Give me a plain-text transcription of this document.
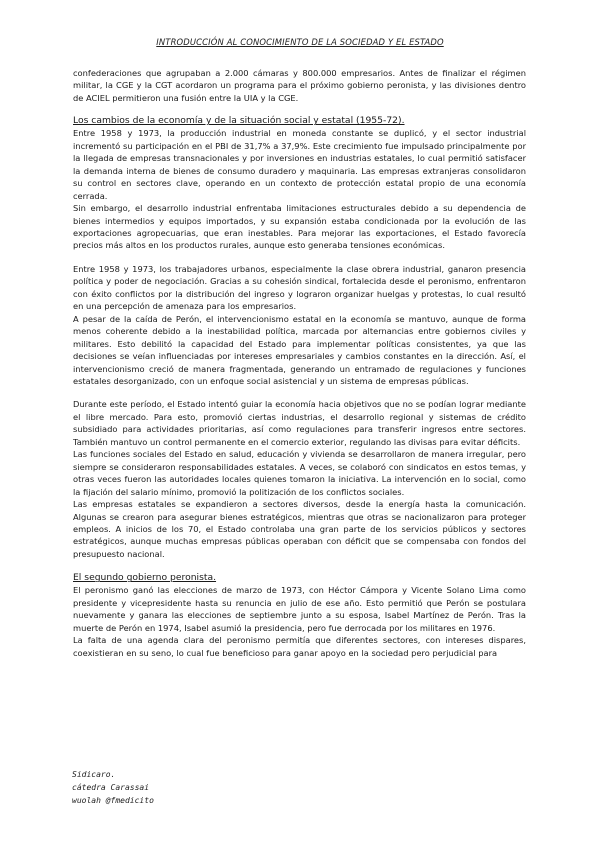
INTRODUCCIÓN AL CONOCIMIENTO DE LA SOCIEDAD Y EL ESTADO

confederaciones que agrupaban a 2.000 cámaras y 800.000 empresarios. Antes de finalizar el régimen militar, la CGE y la CGT acordaron un programa para el próximo gobierno peronista, y las divisiones dentro de ACIEL permitieron una fusión entre la UIA y la CGE.

Los cambios de la economía y de la situación social y estatal (1955-72).

Entre 1958 y 1973, la producción industrial en moneda constante se duplicó, y el sector industrial incrementó su participación en el PBI de 31,7% a 37,9%. Este crecimiento fue impulsado principalmente por la llegada de empresas transnacionales y por inversiones en industrias estatales, lo cual permitió satisfacer la demanda interna de bienes de consumo duradero y maquinaria. Las empresas extranjeras consolidaron su control en sectores clave, operando en un contexto de protección estatal propio de una economía cerrada.

Sin embargo, el desarrollo industrial enfrentaba limitaciones estructurales debido a su dependencia de bienes intermedios y equipos importados, y su expansión estaba condicionada por la evolución de las exportaciones agropecuarias, que eran inestables. Para mejorar las exportaciones, el Estado favorecía precios más altos en los productos rurales, aunque esto generaba tensiones económicas.

Entre 1958 y 1973, los trabajadores urbanos, especialmente la clase obrera industrial, ganaron presencia política y poder de negociación. Gracias a su cohesión sindical, fortalecida desde el peronismo, enfrentaron con éxito conflictos por la distribución del ingreso y lograron organizar huelgas y protestas, lo cual resultó en una percepción de amenaza para los empresarios.

A pesar de la caída de Perón, el intervencionismo estatal en la economía se mantuvo, aunque de forma menos coherente debido a la inestabilidad política, marcada por alternancias entre gobiernos civiles y militares. Esto debilitó la capacidad del Estado para implementar políticas consistentes, ya que las decisiones se veían influenciadas por intereses empresariales y cambios constantes en la dirección. Así, el intervencionismo creció de manera fragmentada, generando un entramado de regulaciones y funciones estatales desorganizado, con un enfoque social asistencial y un sistema de empresas públicas.

Durante este período, el Estado intentó guiar la economía hacia objetivos que no se podían lograr mediante el libre mercado. Para esto, promovió ciertas industrias, el desarrollo regional y sistemas de crédito subsidiado para actividades prioritarias, así como regulaciones para transferir ingresos entre sectores. También mantuvo un control permanente en el comercio exterior, regulando las divisas para evitar déficits.

Las funciones sociales del Estado en salud, educación y vivienda se desarrollaron de manera irregular, pero siempre se consideraron responsabilidades estatales. A veces, se colaboró con sindicatos en estos temas, y otras veces fueron las autoridades locales quienes tomaron la iniciativa. La intervención en lo social, como la fijación del salario mínimo, promovió la politización de los conflictos sociales.

Las empresas estatales se expandieron a sectores diversos, desde la energía hasta la comunicación. Algunas se crearon para asegurar bienes estratégicos, mientras que otras se nacionalizaron para proteger empleos. A inicios de los 70, el Estado controlaba una gran parte de los servicios públicos y sectores estratégicos, aunque muchas empresas públicas operaban con déficit que se compensaba con fondos del presupuesto nacional.

El segundo gobierno peronista.

El peronismo ganó las elecciones de marzo de 1973, con Héctor Cámpora y Vicente Solano Lima como presidente y vicepresidente hasta su renuncia en julio de ese año. Esto permitió que Perón se postulara nuevamente y ganara las elecciones de septiembre junto a su esposa, Isabel Martínez de Perón. Tras la muerte de Perón en 1974, Isabel asumió la presidencia, pero fue derrocada por los militares en 1976.

La falta de una agenda clara del peronismo permitía que diferentes sectores, con intereses dispares, coexistieran en su seno, lo cual fue beneficioso para ganar apoyo en la sociedad pero perjudicial para

Sidicaro.
cátedra Carassai
wuolah @fmedicito
